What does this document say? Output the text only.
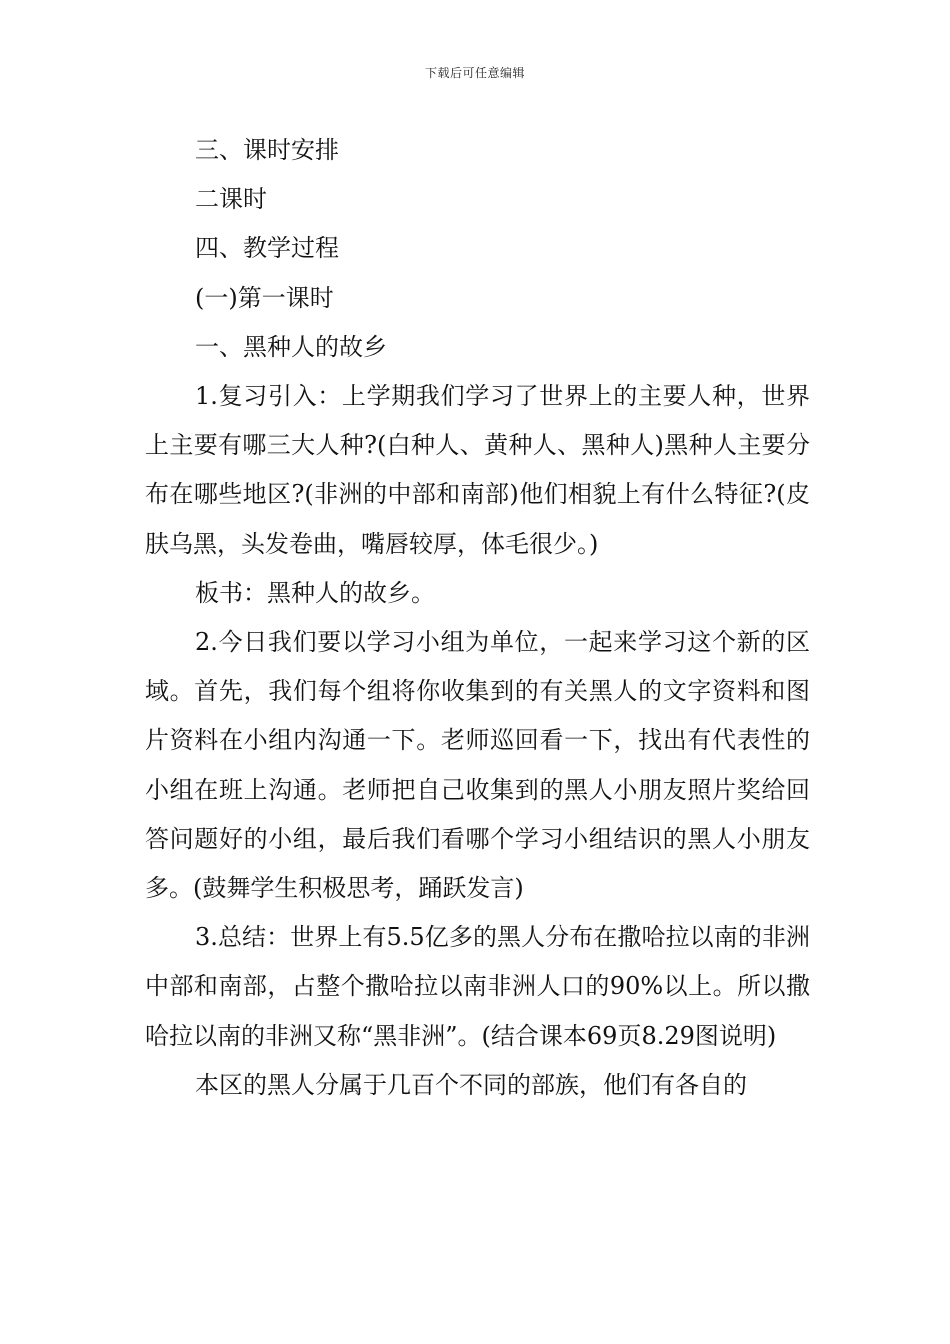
下载后可任意编辑

三、课时安排

二课时

四、教学过程

(一)第一课时

一、黑种人的故乡

1.复习引入：上学期我们学习了世界上的主要人种，世界上主要有哪三大人种?(白种人、黄种人、黑种人)黑种人主要分布在哪些地区?(非洲的中部和南部)他们相貌上有什么特征?(皮肤乌黑，头发卷曲，嘴唇较厚，体毛很少。)

板书：黑种人的故乡。

2.今日我们要以学习小组为单位，一起来学习这个新的区域。首先，我们每个组将你收集到的有关黑人的文字资料和图片资料在小组内沟通一下。老师巡回看一下，找出有代表性的小组在班上沟通。老师把自己收集到的黑人小朋友照片奖给回答问题好的小组，最后我们看哪个学习小组结识的黑人小朋友多。(鼓舞学生积极思考，踊跃发言)

3.总结：世界上有5.5亿多的黑人分布在撒哈拉以南的非洲中部和南部，占整个撒哈拉以南非洲人口的90%以上。所以撒哈拉以南的非洲又称“黑非洲”。(结合课本69页8.29图说明)

本区的黑人分属于几百个不同的部族，他们有各自的
